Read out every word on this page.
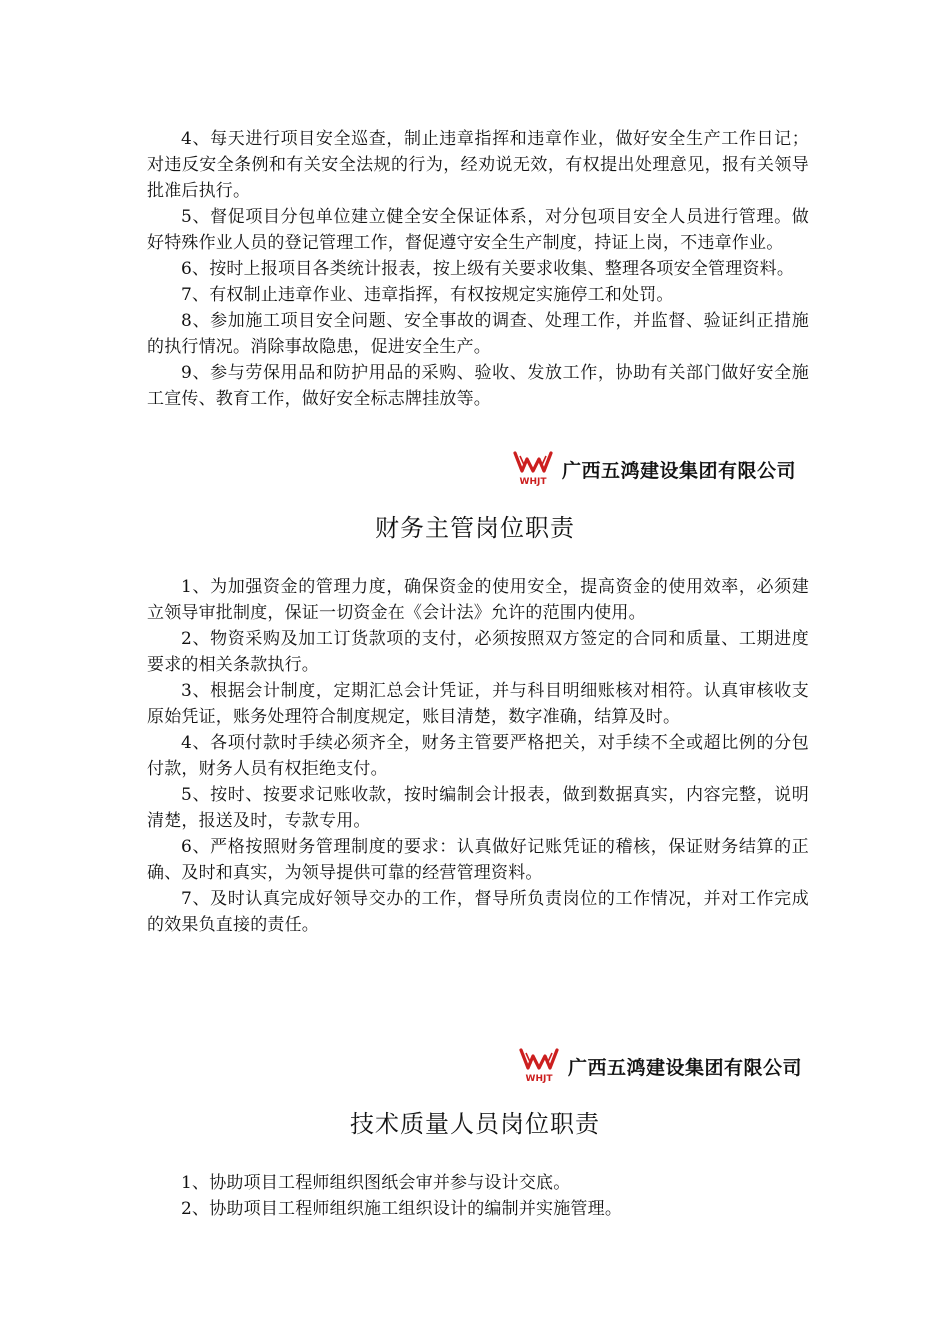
4、每天进行项目安全巡查，制止违章指挥和违章作业，做好安全生产工作日记；对违反安全条例和有关安全法规的行为，经劝说无效，有权提出处理意见，报有关领导批准后执行。

5、督促项目分包单位建立健全安全保证体系，对分包项目安全人员进行管理。做好特殊作业人员的登记管理工作，督促遵守安全生产制度，持证上岗，不违章作业。

6、按时上报项目各类统计报表，按上级有关要求收集、整理各项安全管理资料。

7、有权制止违章作业、违章指挥，有权按规定实施停工和处罚。

8、参加施工项目安全问题、安全事故的调查、处理工作，并监督、验证纠正措施的执行情况。消除事故隐患，促进安全生产。

9、参与劳保用品和防护用品的采购、验收、发放工作，协助有关部门做好安全施工宣传、教育工作，做好安全标志牌挂放等。

WHJT
广西五鸿建设集团有限公司
财务主管岗位职责

1、为加强资金的管理力度，确保资金的使用安全，提高资金的使用效率，必须建立领导审批制度，保证一切资金在《会计法》允许的范围内使用。

2、物资采购及加工订货款项的支付，必须按照双方签定的合同和质量、工期进度要求的相关条款执行。

3、根据会计制度，定期汇总会计凭证，并与科目明细账核对相符。认真审核收支原始凭证，账务处理符合制度规定，账目清楚，数字准确，结算及时。

4、各项付款时手续必须齐全，财务主管要严格把关，对手续不全或超比例的分包付款，财务人员有权拒绝支付。

5、按时、按要求记账收款，按时编制会计报表，做到数据真实，内容完整，说明清楚，报送及时，专款专用。

6、严格按照财务管理制度的要求：认真做好记账凭证的稽核，保证财务结算的正确、及时和真实，为领导提供可靠的经营管理资料。

7、及时认真完成好领导交办的工作，督导所负责岗位的工作情况，并对工作完成的效果负直接的责任。

WHJT
广西五鸿建设集团有限公司
技术质量人员岗位职责

1、协助项目工程师组织图纸会审并参与设计交底。

2、协助项目工程师组织施工组织设计的编制并实施管理。
